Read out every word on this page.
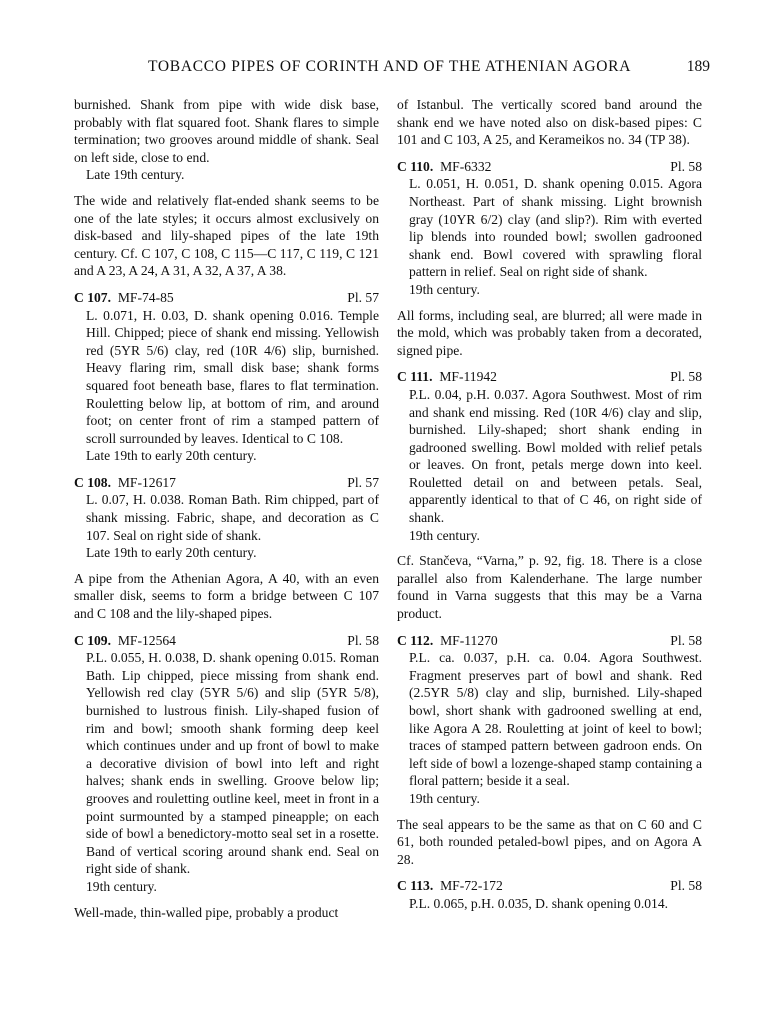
TOBACCO PIPES OF CORINTH AND OF THE ATHENIAN AGORA	189

burnished. Shank from pipe with wide disk base, probably with flat squared foot. Shank flares to simple termination; two grooves around middle of shank. Seal on left side, close to end.

Late 19th century.

The wide and relatively flat-ended shank seems to be one of the late styles; it occurs almost exclusively on disk-based and lily-shaped pipes of the late 19th century. Cf. C 107, C 108, C 115—C 117, C 119, C 121 and A 23, A 24, A 31, A 32, A 37, A 38.

C 107. MF-74-85	Pl. 57

L. 0.071, H. 0.03, D. shank opening 0.016. Temple Hill. Chipped; piece of shank end missing. Yellowish red (5YR 5/6) clay, red (10R 4/6) slip, burnished. Heavy flaring rim, small disk base; shank forms squared foot beneath base, flares to flat termination. Rouletting below lip, at bottom of rim, and around foot; on center front of rim a stamped pattern of scroll surrounded by leaves. Identical to C 108.

Late 19th to early 20th century.

C 108. MF-12617	Pl. 57

L. 0.07, H. 0.038. Roman Bath. Rim chipped, part of shank missing. Fabric, shape, and decoration as C 107. Seal on right side of shank.

Late 19th to early 20th century.

A pipe from the Athenian Agora, A 40, with an even smaller disk, seems to form a bridge between C 107 and C 108 and the lily-shaped pipes.

C 109. MF-12564	Pl. 58

P.L. 0.055, H. 0.038, D. shank opening 0.015. Roman Bath. Lip chipped, piece missing from shank end. Yellowish red clay (5YR 5/6) and slip (5YR 5/8), burnished to lustrous finish. Lily-shaped fusion of rim and bowl; smooth shank forming deep keel which continues under and up front of bowl to make a decorative division of bowl into left and right halves; shank ends in swelling. Groove below lip; grooves and rouletting outline keel, meet in front in a point surmounted by a stamped pineapple; on each side of bowl a benedictory-motto seal set in a rosette. Band of vertical scoring around shank end. Seal on right side of shank.

19th century.

Well-made, thin-walled pipe, probably a product

of Istanbul. The vertically scored band around the shank end we have noted also on disk-based pipes: C 101 and C 103, A 25, and Kerameikos no. 34 (TP 38).

C 110. MF-6332	Pl. 58

L. 0.051, H. 0.051, D. shank opening 0.015. Agora Northeast. Part of shank missing. Light brownish gray (10YR 6/2) clay (and slip?). Rim with everted lip blends into rounded bowl; swollen gadrooned shank end. Bowl covered with sprawling floral pattern in relief. Seal on right side of shank.

19th century.

All forms, including seal, are blurred; all were made in the mold, which was probably taken from a decorated, signed pipe.

C 111. MF-11942	Pl. 58

P.L. 0.04, p.H. 0.037. Agora Southwest. Most of rim and shank end missing. Red (10R 4/6) clay and slip, burnished. Lily-shaped; short shank ending in gadrooned swelling. Bowl molded with relief petals or leaves. On front, petals merge down into keel. Rouletted detail on and between petals. Seal, apparently identical to that of C 46, on right side of shank.

19th century.

Cf. Stančeva, “Varna,” p. 92, fig. 18. There is a close parallel also from Kalenderhane. The large number found in Varna suggests that this may be a Varna product.

C 112. MF-11270	Pl. 58

P.L. ca. 0.037, p.H. ca. 0.04. Agora Southwest. Fragment preserves part of bowl and shank. Red (2.5YR 5/8) clay and slip, burnished. Lily-shaped bowl, short shank with gadrooned swelling at end, like Agora A 28. Rouletting at joint of keel to bowl; traces of stamped pattern between gadroon ends. On left side of bowl a lozenge-shaped stamp containing a floral pattern; beside it a seal.

19th century.

The seal appears to be the same as that on C 60 and C 61, both rounded petaled-bowl pipes, and on Agora A 28.

C 113. MF-72-172	Pl. 58

P.L. 0.065, p.H. 0.035, D. shank opening 0.014.
